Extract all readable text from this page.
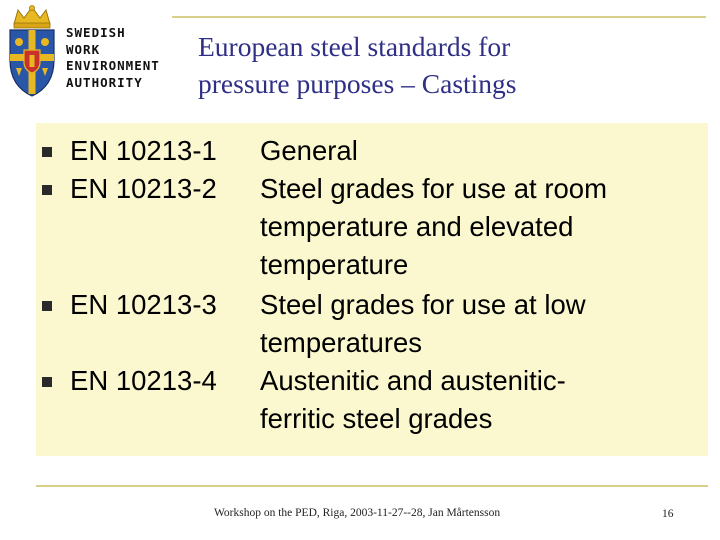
SWEDISH
WORK
ENVIRONMENT
AUTHORITY
European steel standards for
pressure purposes – Castings
EN 10213-1 General
EN 10213-2 Steel grades for use at room
temperature and elevated
temperature
EN 10213-3 Steel grades for use at low
temperatures
EN 10213-4 Austenitic and austenitic-
ferritic steel grades
Workshop on the PED, Riga, 2003-11-27--28, Jan Mårtensson	16
